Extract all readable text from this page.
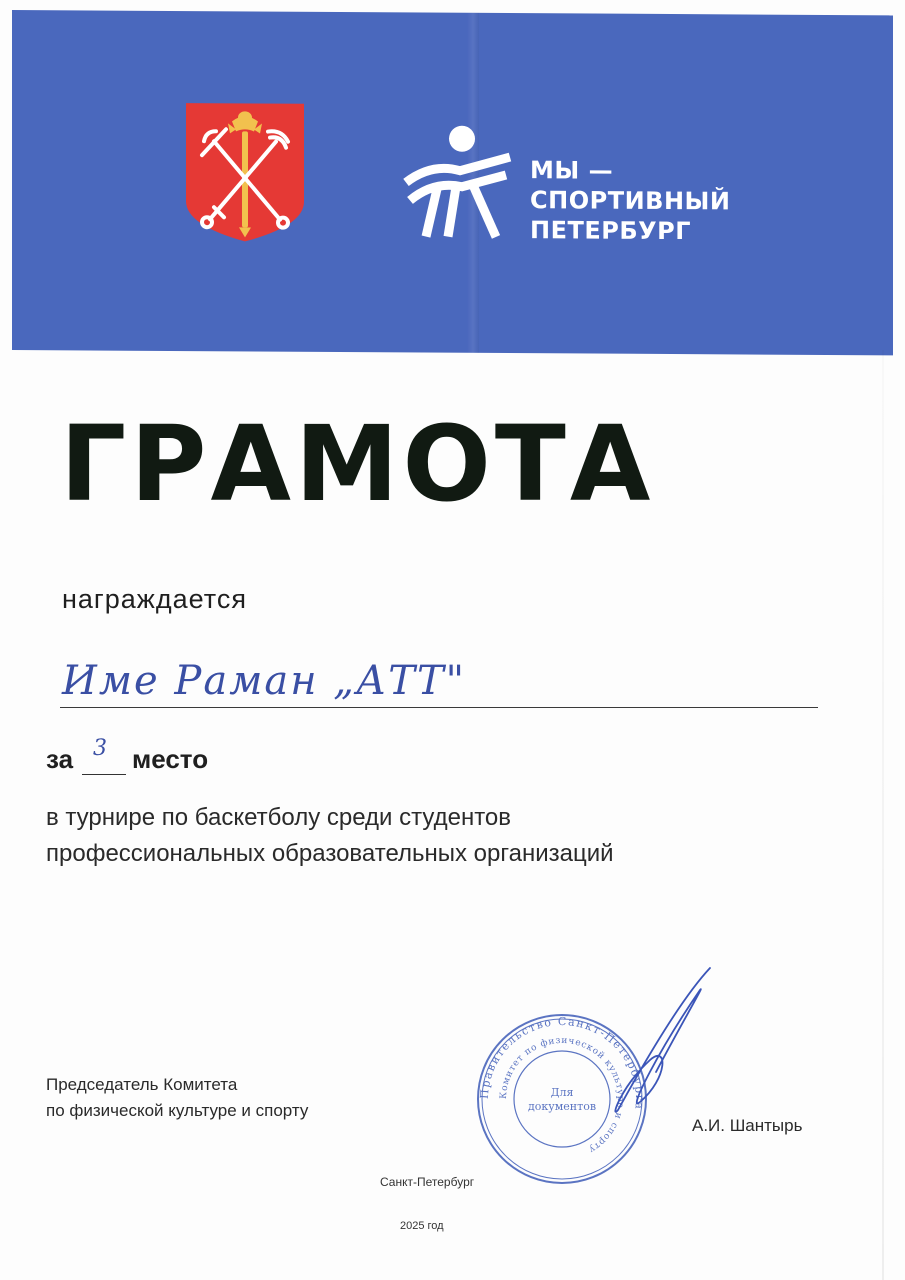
МЫ —
СПОРТИВНЫЙ
ПЕТЕРБУРГ
ГРАМОТА
награждается
Име Раман „АТТ"
за 3 место
в турнире по баскетболу среди студентов
профессиональных образовательных организаций
Председатель Комитета
по физической культуре и спорту
Правительство Санкт-Петербурга
Комитет по физической культуре и спорту
Для
документов
А.И. Шантырь
Санкт-Петербург
2025 год
